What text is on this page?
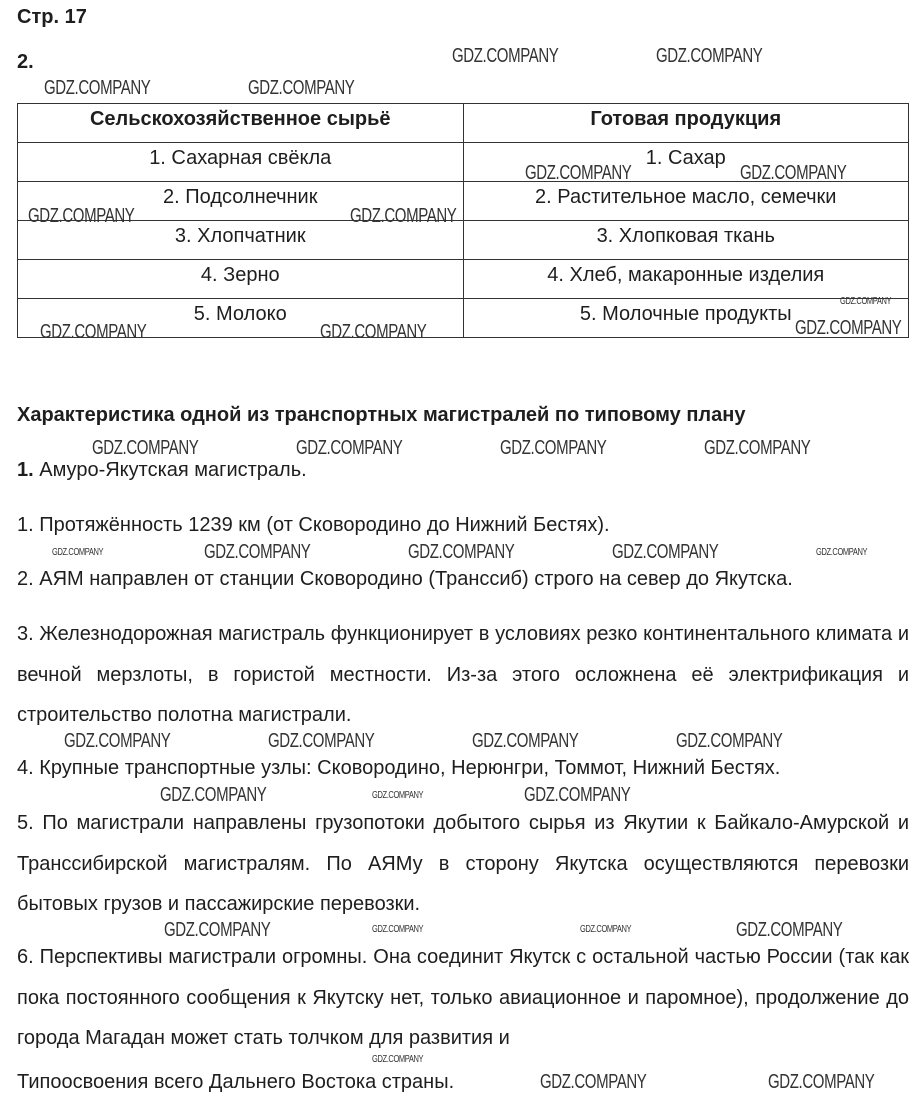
Стр. 17
2.
Сельскохозяйственное сырьё	Готовая продукция
1. Сахарная свёкла	1. Сахар
2. Подсолнечник	2. Растительное масло, семечки
3. Хлопчатник	3. Хлопковая ткань
4. Зерно	4. Хлеб, макаронные изделия
5. Молоко	5. Молочные продукты
Характеристика одной из транспортных магистралей по типовому плану
1. Амуро-Якутская магистраль.
1. Протяжённость 1239 км (от Сковородино до Нижний Бестях).
2. АЯМ направлен от станции Сковородино (Транссиб) строго на север до Якутска.
3. Железнодорожная магистраль функционирует в условиях резко континентального климата и вечной мерзлоты, в гористой местности. Из-за этого осложнена её электрификация и строительство полотна магистрали.
4. Крупные транспортные узлы: Сковородино, Нерюнгри, Томмот, Нижний Бестях.
5. По магистрали направлены грузопотоки добытого сырья из Якутии к Байкало-Амурской и Транссибирской магистралям. По АЯМу в сторону Якутска осуществляются перевозки бытовых грузов и пассажирские перевозки.
6. Перспективы магистрали огромны. Она соединит Якутск с остальной частью России (так как пока постоянного сообщения к Якутску нет, только авиационное и паромное), продолжение до города Магадан может стать толчком для развития и
Типоосвоения всего Дальнего Востока страны.
GDZ.COMPANY	GDZ.COMPANY
GDZ.COMPANY	GDZ.COMPANY
GDZ.COMPANY	GDZ.COMPANY
GDZ.COMPANY	GDZ.COMPANY
GDZ.COMPANY
GDZ.COMPANY
GDZ.COMPANY	GDZ.COMPANY
GDZ.COMPANY	GDZ.COMPANY	GDZ.COMPANY	GDZ.COMPANY
GDZ.COMPANY	GDZ.COMPANY	GDZ.COMPANY	GDZ.COMPANY	GDZ.COMPANY
GDZ.COMPANY	GDZ.COMPANY	GDZ.COMPANY	GDZ.COMPANY
GDZ.COMPANY
GDZ.COMPANY	GDZ.COMPANY
GDZ.COMPANY	GDZ.COMPANY
GDZ.COMPANY
GDZ.COMPANY
GDZ.COMPANY
GDZ.COMPANY
GDZ.COMPANY
